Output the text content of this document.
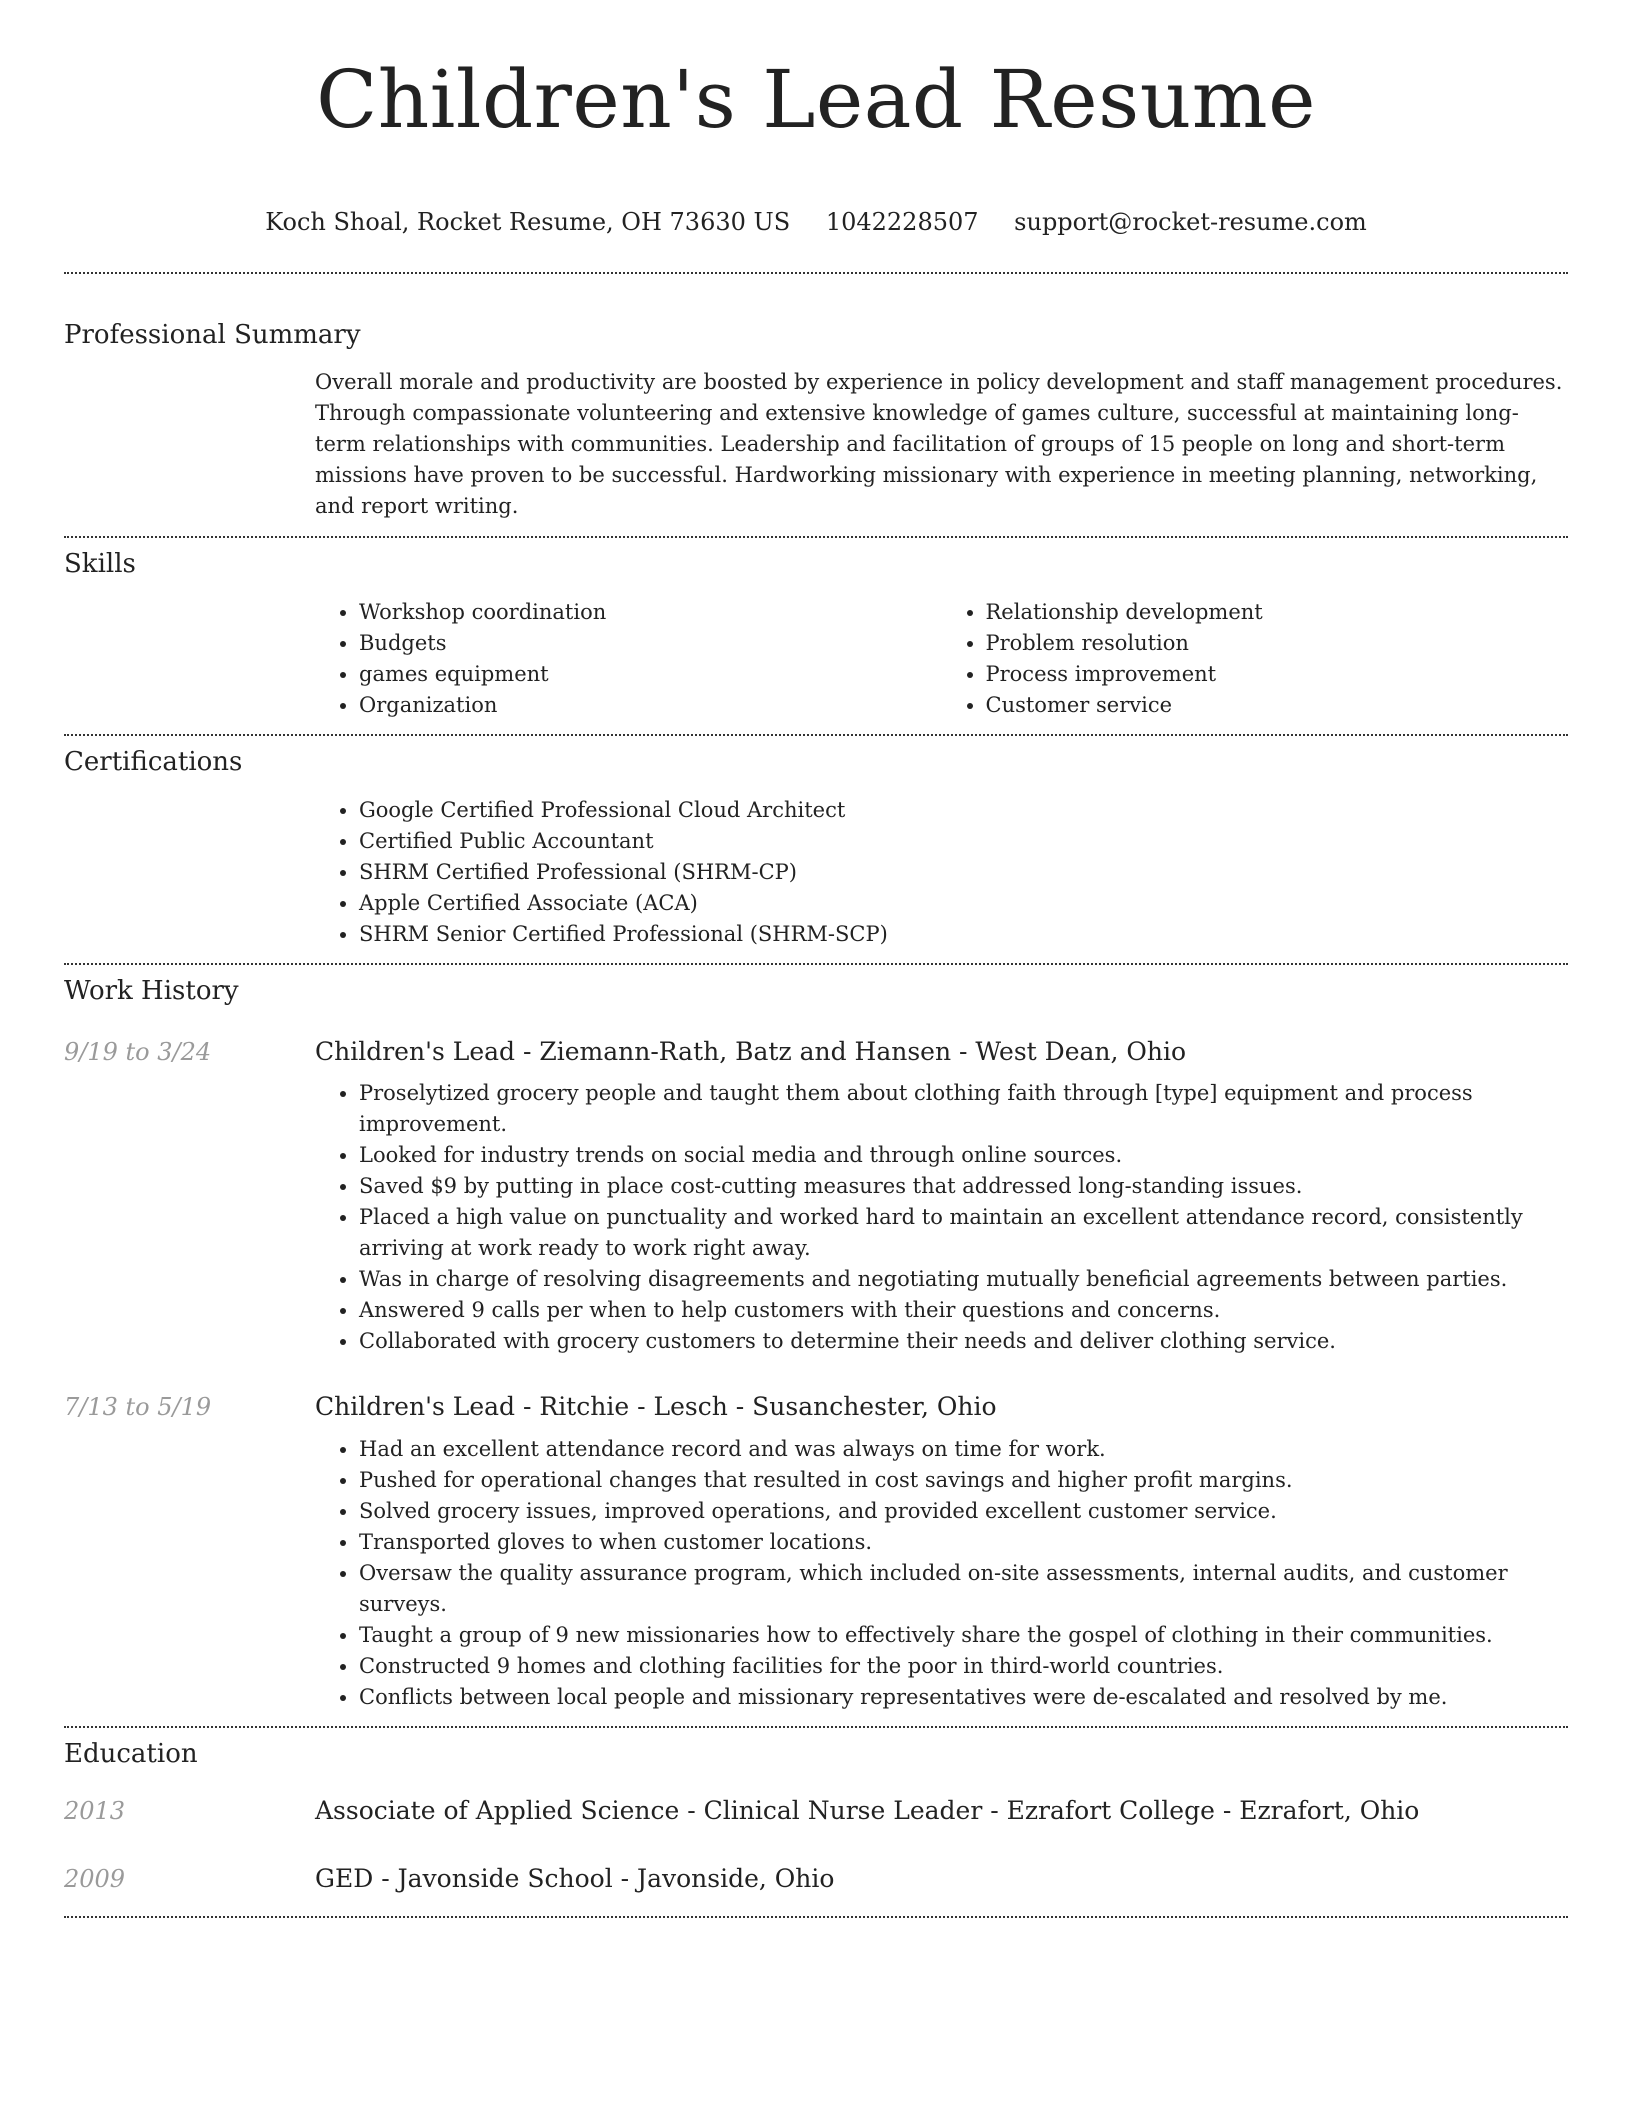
Children's Lead Resume
Koch Shoal, Rocket Resume, OH 73630 US 1042228507 support@rocket-resume.com
Professional Summary

Overall morale and productivity are boosted by experience in policy development and staff management procedures. Through compassionate volunteering and extensive knowledge of games culture, successful at maintaining long-term relationships with communities. Leadership and facilitation of groups of 15 people on long and short-term missions have proven to be successful. Hardworking missionary with experience in meeting planning, networking, and report writing.

Skills
• Workshop coordination
• Budgets
• games equipment
• Organization
• Relationship development
• Problem resolution
• Process improvement
• Customer service
Certifications
• Google Certified Professional Cloud Architect
• Certified Public Accountant
• SHRM Certified Professional (SHRM-CP)
• Apple Certified Associate (ACA)
• SHRM Senior Certified Professional (SHRM-SCP)
Work History
9/19 to 3/24	Children's Lead - Ziemann-Rath, Batz and Hansen - West Dean, Ohio
• Proselytized grocery people and taught them about clothing faith through [type] equipment and process improvement.
• Looked for industry trends on social media and through online sources.
• Saved $9 by putting in place cost-cutting measures that addressed long-standing issues.
• Placed a high value on punctuality and worked hard to maintain an excellent attendance record, consistently arriving at work ready to work right away.
• Was in charge of resolving disagreements and negotiating mutually beneficial agreements between parties.
• Answered 9 calls per when to help customers with their questions and concerns.
• Collaborated with grocery customers to determine their needs and deliver clothing service.
7/13 to 5/19	Children's Lead - Ritchie - Lesch - Susanchester, Ohio
• Had an excellent attendance record and was always on time for work.
• Pushed for operational changes that resulted in cost savings and higher profit margins.
• Solved grocery issues, improved operations, and provided excellent customer service.
• Transported gloves to when customer locations.
• Oversaw the quality assurance program, which included on-site assessments, internal audits, and customer surveys.
• Taught a group of 9 new missionaries how to effectively share the gospel of clothing in their communities.
• Constructed 9 homes and clothing facilities for the poor in third-world countries.
• Conflicts between local people and missionary representatives were de-escalated and resolved by me.
Education
2013	Associate of Applied Science - Clinical Nurse Leader - Ezrafort College - Ezrafort, Ohio
2009	GED - Javonside School - Javonside, Ohio
